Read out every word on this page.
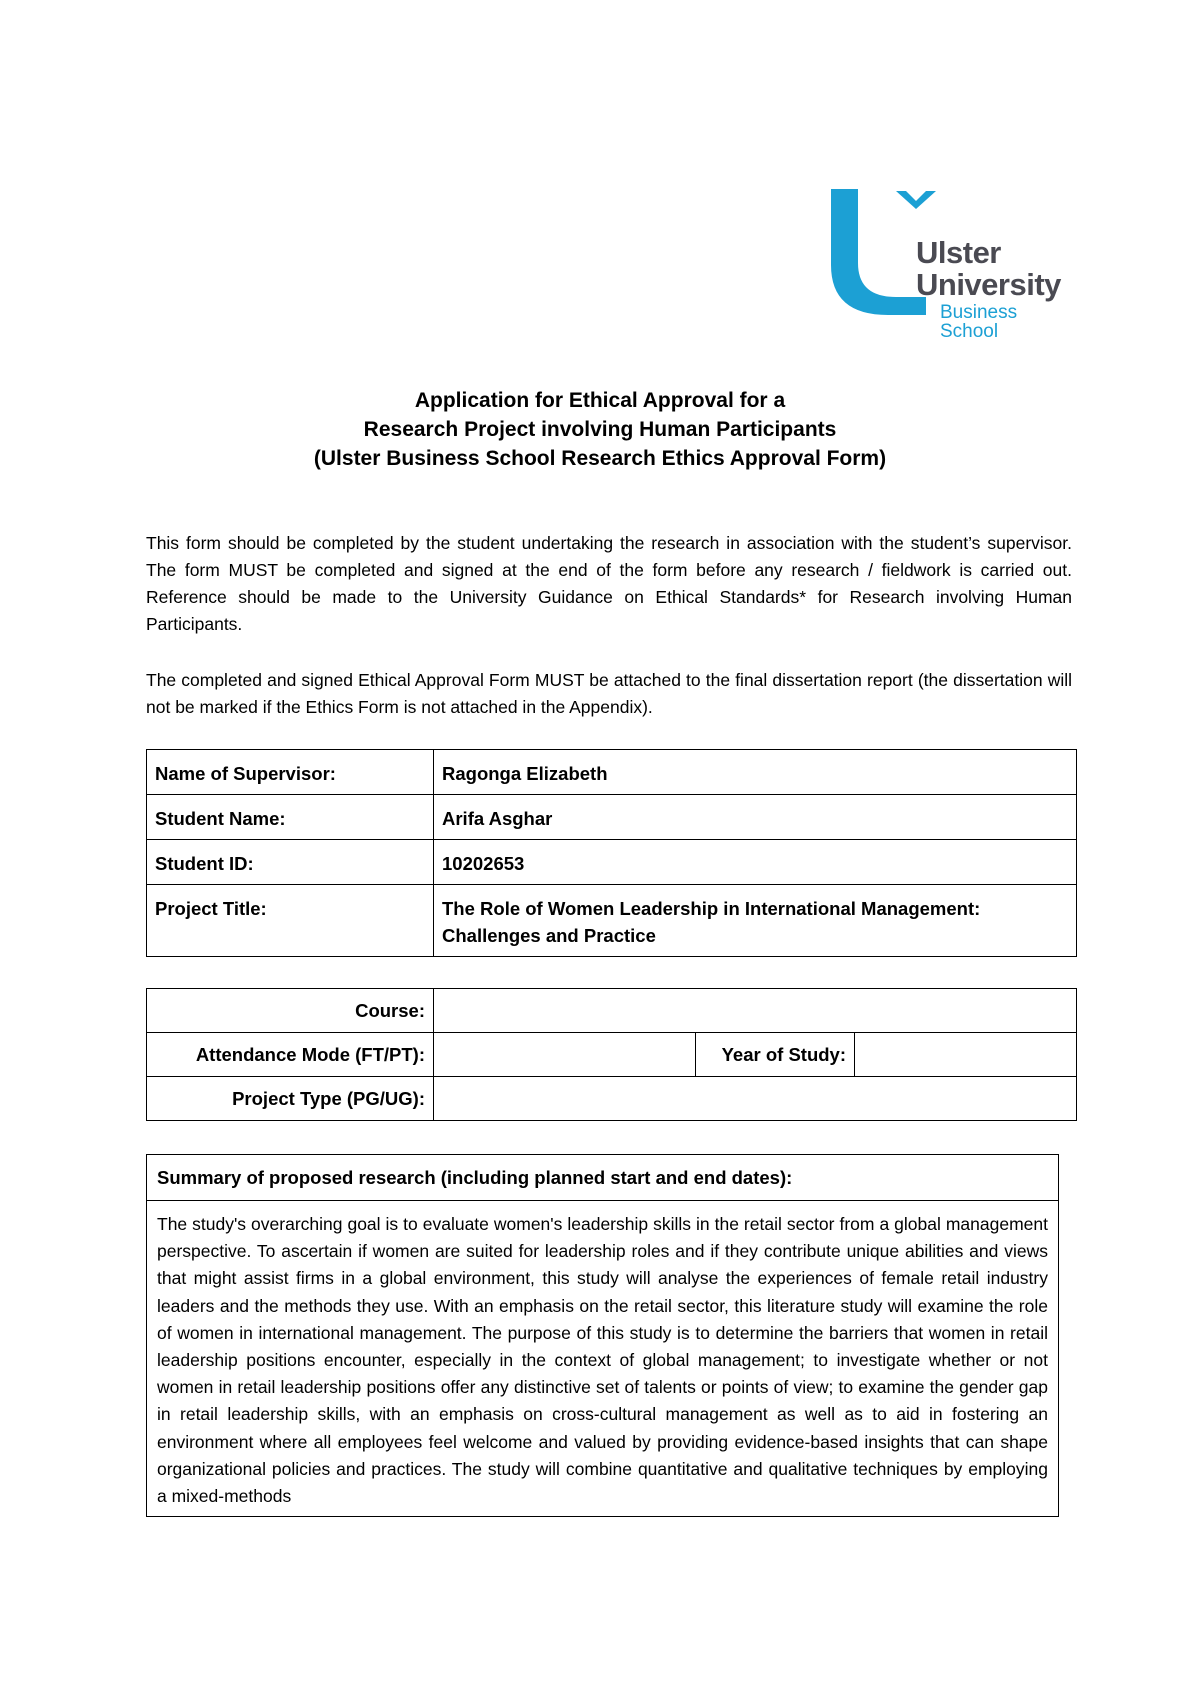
Ulster
University
Business
School
Application for Ethical Approval for a
Research Project involving Human Participants
(Ulster Business School Research Ethics Approval Form)
This form should be completed by the student undertaking the research in association with the student’s supervisor. The form MUST be completed and signed at the end of the form before any research / fieldwork is carried out. Reference should be made to the University Guidance on Ethical Standards* for Research involving Human Participants.
The completed and signed Ethical Approval Form MUST be attached to the final dissertation report (the dissertation will not be marked if the Ethics Form is not attached in the Appendix).
Name of Supervisor:	Ragonga Elizabeth
Student Name:	Arifa Asghar
Student ID:	10202653
Project Title:	The Role of Women Leadership in International Management: Challenges and Practice
Course:			
Attendance Mode (FT/PT):		Year of Study:	
Project Type (PG/UG):			
Summary of proposed research (including planned start and end dates):
The study's overarching goal is to evaluate women's leadership skills in the retail sector from a global management perspective. To ascertain if women are suited for leadership roles and if they contribute unique abilities and views that might assist firms in a global environment, this study will analyse the experiences of female retail industry leaders and the methods they use. With an emphasis on the retail sector, this literature study will examine the role of women in international management. The purpose of this study is to determine the barriers that women in retail leadership positions encounter, especially in the context of global management; to investigate whether or not women in retail leadership positions offer any distinctive set of talents or points of view; to examine the gender gap in retail leadership skills, with an emphasis on cross-cultural management as well as to aid in fostering an environment where all employees feel welcome and valued by providing evidence-based insights that can shape organizational policies and practices. The study will combine quantitative and qualitative techniques by employing a mixed-methods
